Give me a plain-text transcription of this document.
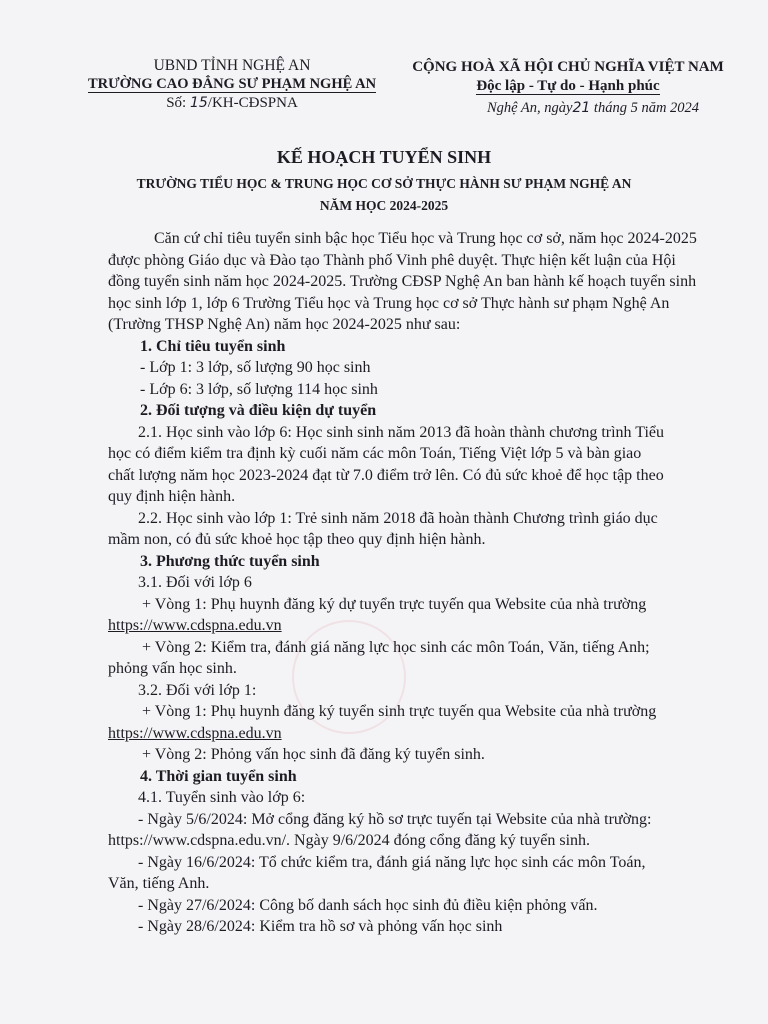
UBND TỈNH NGHỆ AN
TRƯỜNG CAO ĐẲNG SƯ PHẠM NGHỆ AN
Số: 15/KH-CĐSPNA
CỘNG HOÀ XÃ HỘI CHỦ NGHĨA VIỆT NAM
Độc lập - Tự do - Hạnh phúc
Nghệ An, ngày21 tháng 5 năm 2024
KẾ HOẠCH TUYỂN SINH
TRƯỜNG TIỂU HỌC & TRUNG HỌC CƠ SỞ THỰC HÀNH SƯ PHẠM NGHỆ AN
NĂM HỌC 2024-2025
Căn cứ chỉ tiêu tuyển sinh bậc học Tiểu học và Trung học cơ sở, năm học 2024-2025
được phòng Giáo dục và Đào tạo Thành phố Vinh phê duyệt. Thực hiện kết luận của Hội
đồng tuyển sinh năm học 2024-2025. Trường CĐSP Nghệ An ban hành kế hoạch tuyển sinh
học sinh lớp 1, lớp 6 Trường Tiểu học và Trung học cơ sở Thực hành sư phạm Nghệ An
(Trường THSP Nghệ An) năm học 2024-2025 như sau:
1. Chỉ tiêu tuyển sinh
- Lớp 1: 3 lớp, số lượng 90 học sinh
- Lớp 6: 3 lớp, số lượng 114 học sinh
2. Đối tượng và điều kiện dự tuyển
2.1. Học sinh vào lớp 6: Học sinh sinh năm 2013 đã hoàn thành chương trình Tiểu
học có điểm kiểm tra định kỳ cuối năm các môn Toán, Tiếng Việt lớp 5 và bàn giao
chất lượng năm học 2023-2024 đạt từ 7.0 điểm trở lên. Có đủ sức khoẻ để học tập theo
quy định hiện hành.
2.2. Học sinh vào lớp 1: Trẻ sinh năm 2018 đã hoàn thành Chương trình giáo dục
mầm non, có đủ sức khoẻ học tập theo quy định hiện hành.
3. Phương thức tuyển sinh
3.1. Đối với lớp 6
+ Vòng 1: Phụ huynh đăng ký dự tuyển trực tuyến qua Website của nhà trường
https://www.cdspna.edu.vn
+ Vòng 2: Kiểm tra, đánh giá năng lực học sinh các môn Toán, Văn, tiếng Anh;
phỏng vấn học sinh.
3.2. Đối với lớp 1:
+ Vòng 1: Phụ huynh đăng ký tuyển sinh trực tuyến qua Website của nhà trường
https://www.cdspna.edu.vn
+ Vòng 2: Phỏng vấn học sinh đã đăng ký tuyển sinh.
4. Thời gian tuyển sinh
4.1. Tuyển sinh vào lớp 6:
- Ngày 5/6/2024: Mở cổng đăng ký hồ sơ trực tuyến tại Website của nhà trường:
https://www.cdspna.edu.vn/. Ngày 9/6/2024 đóng cổng đăng ký tuyển sinh.
- Ngày 16/6/2024: Tổ chức kiểm tra, đánh giá năng lực học sinh các môn Toán,
Văn, tiếng Anh.
- Ngày 27/6/2024: Công bố danh sách học sinh đủ điều kiện phỏng vấn.
- Ngày 28/6/2024: Kiểm tra hồ sơ và phỏng vấn học sinh
